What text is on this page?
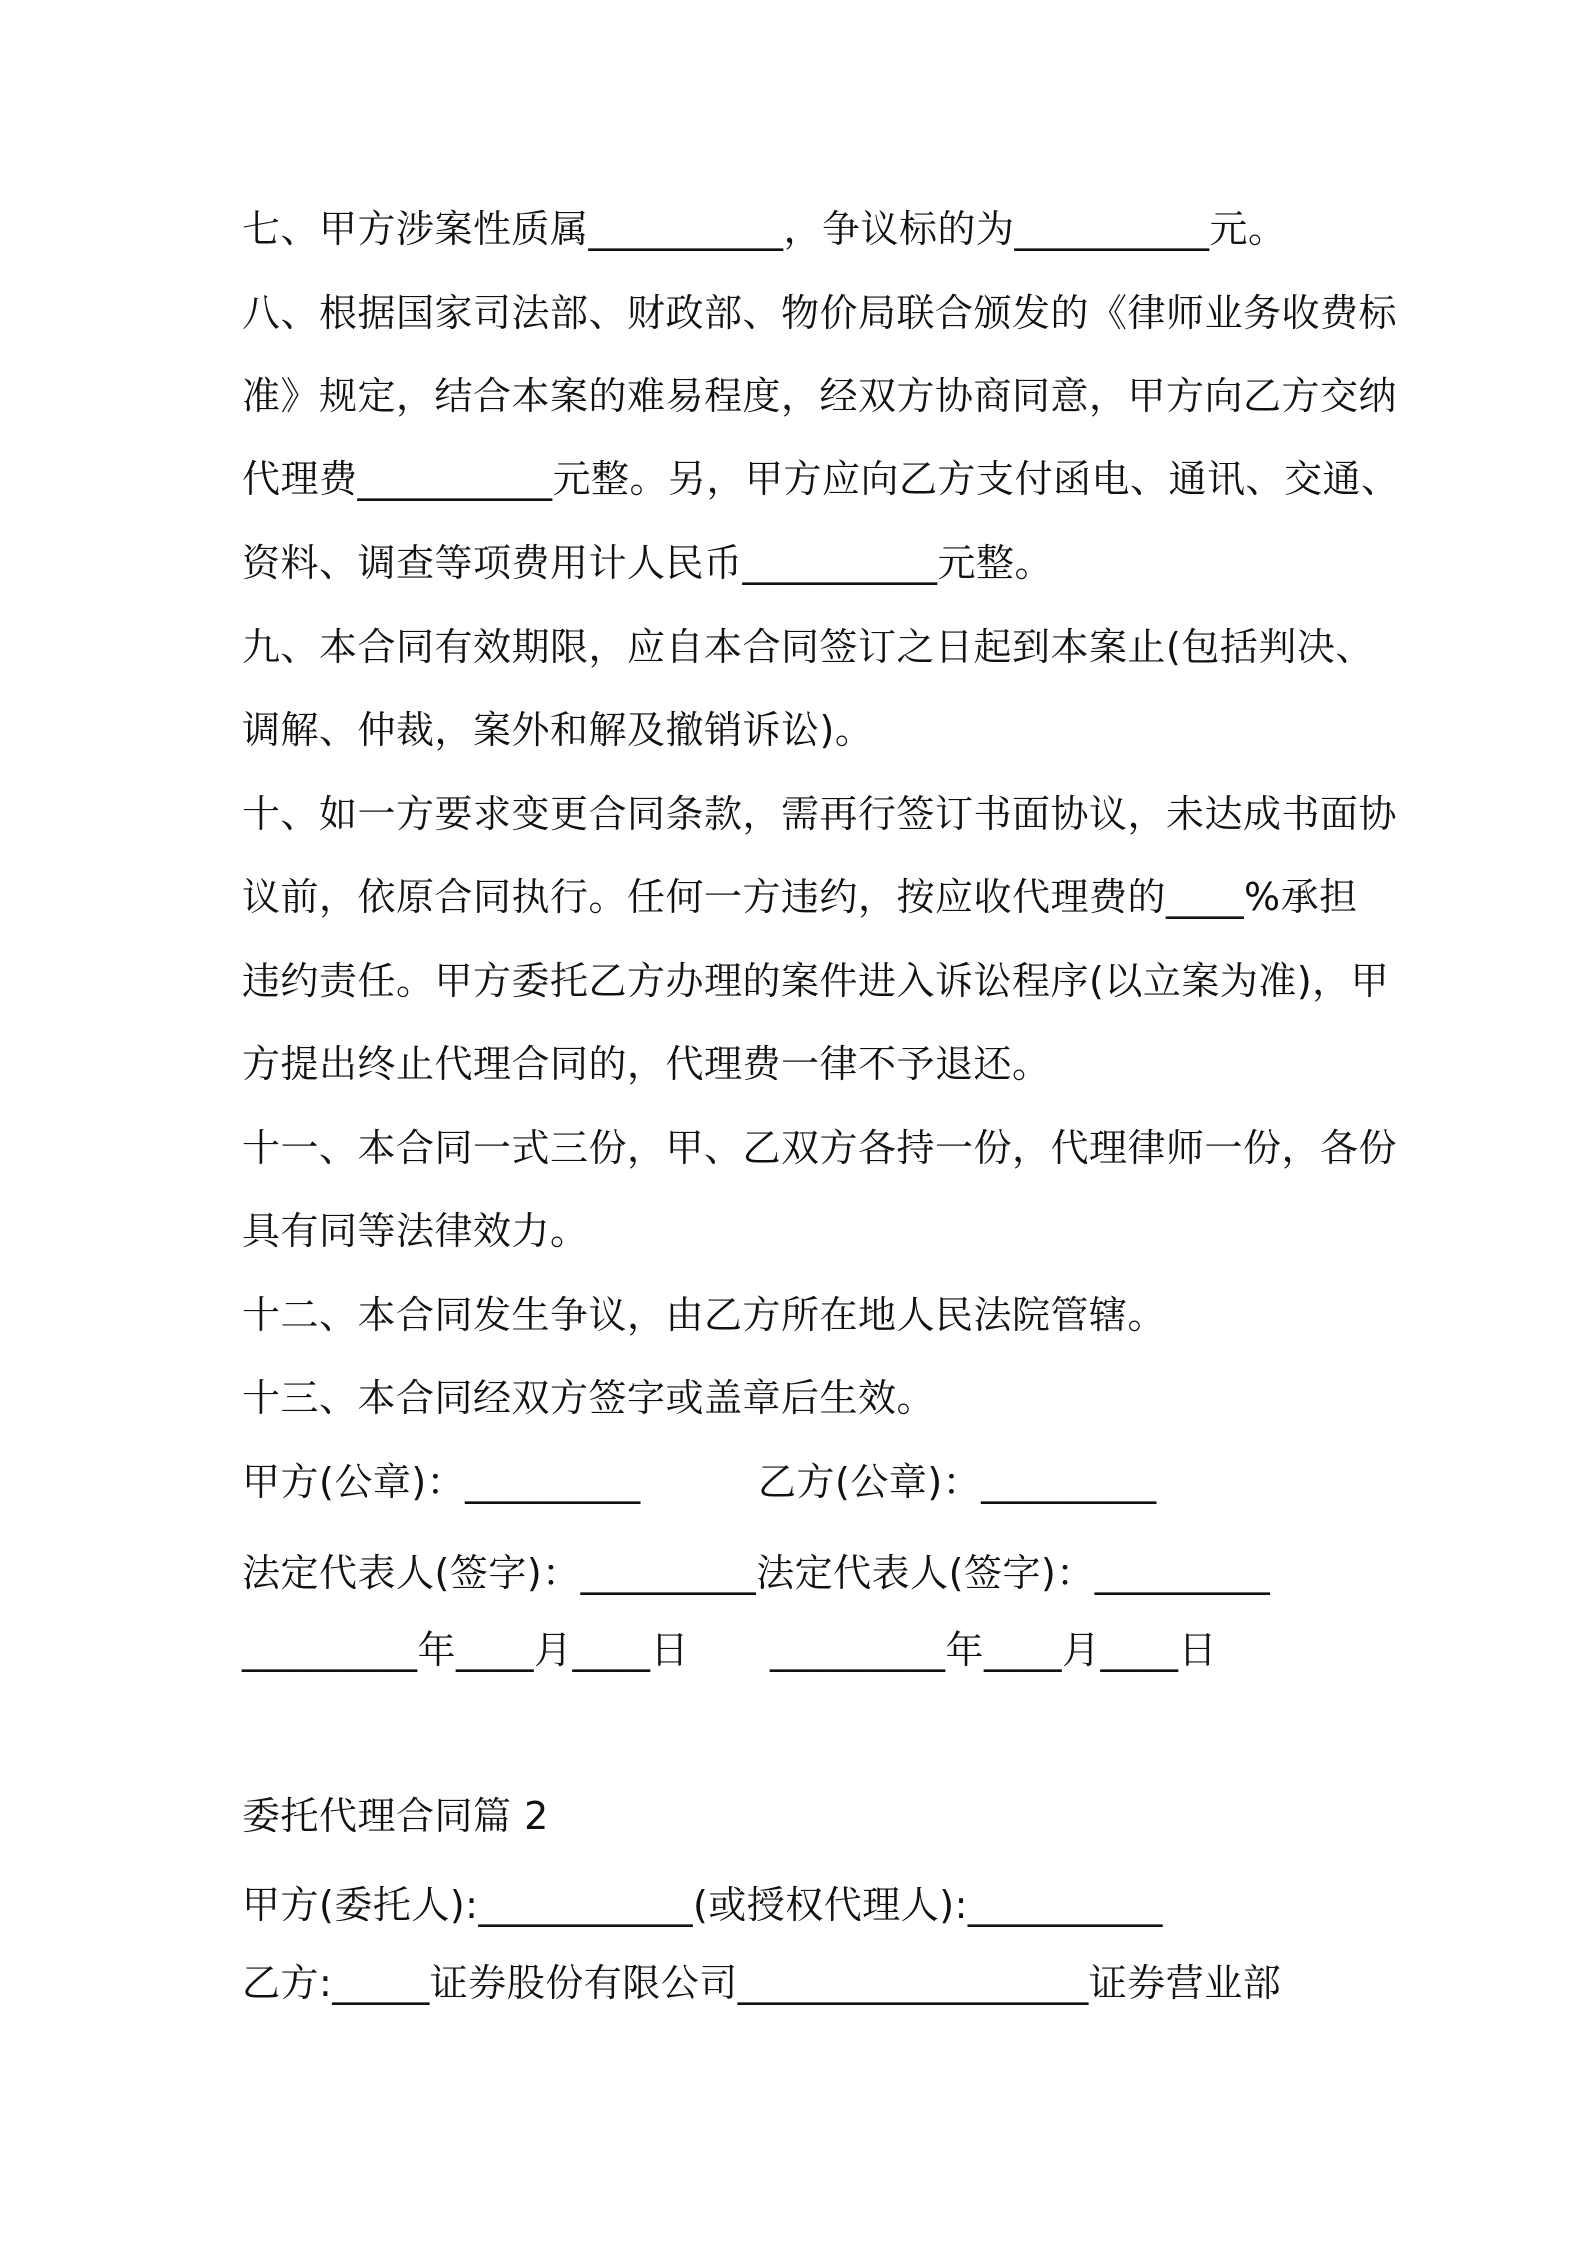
七、甲方涉案性质属__________，争议标的为__________元。

八、根据国家司法部、财政部、物价局联合颁发的《律师业务收费标

准》规定，结合本案的难易程度，经双方协商同意，甲方向乙方交纳

代理费__________元整。另，甲方应向乙方支付函电、通讯、交通、

资料、调查等项费用计人民币__________元整。

九、本合同有效期限，应自本合同签订之日起到本案止(包括判决、

调解、仲裁，案外和解及撤销诉讼)。

十、如一方要求变更合同条款，需再行签订书面协议，未达成书面协

议前，依原合同执行。任何一方违约，按应收代理费的____%承担

违约责任。甲方委托乙方办理的案件进入诉讼程序(以立案为准)，甲

方提出终止代理合同的，代理费一律不予退还。

十一、本合同一式三份，甲、乙双方各持一份，代理律师一份，各份

具有同等法律效力。

十二、本合同发生争议，由乙方所在地人民法院管辖。

十三、本合同经双方签字或盖章后生效。

甲方(公章)：_________	乙方(公章)：_________

法定代表人(签字)：_________法定代表人(签字)：_________

_________年____月____日 _________年____月____日

委托代理合同篇 2

甲方(委托人):___________(或授权代理人):__________

乙方:_____证券股份有限公司__________________证券营业部
